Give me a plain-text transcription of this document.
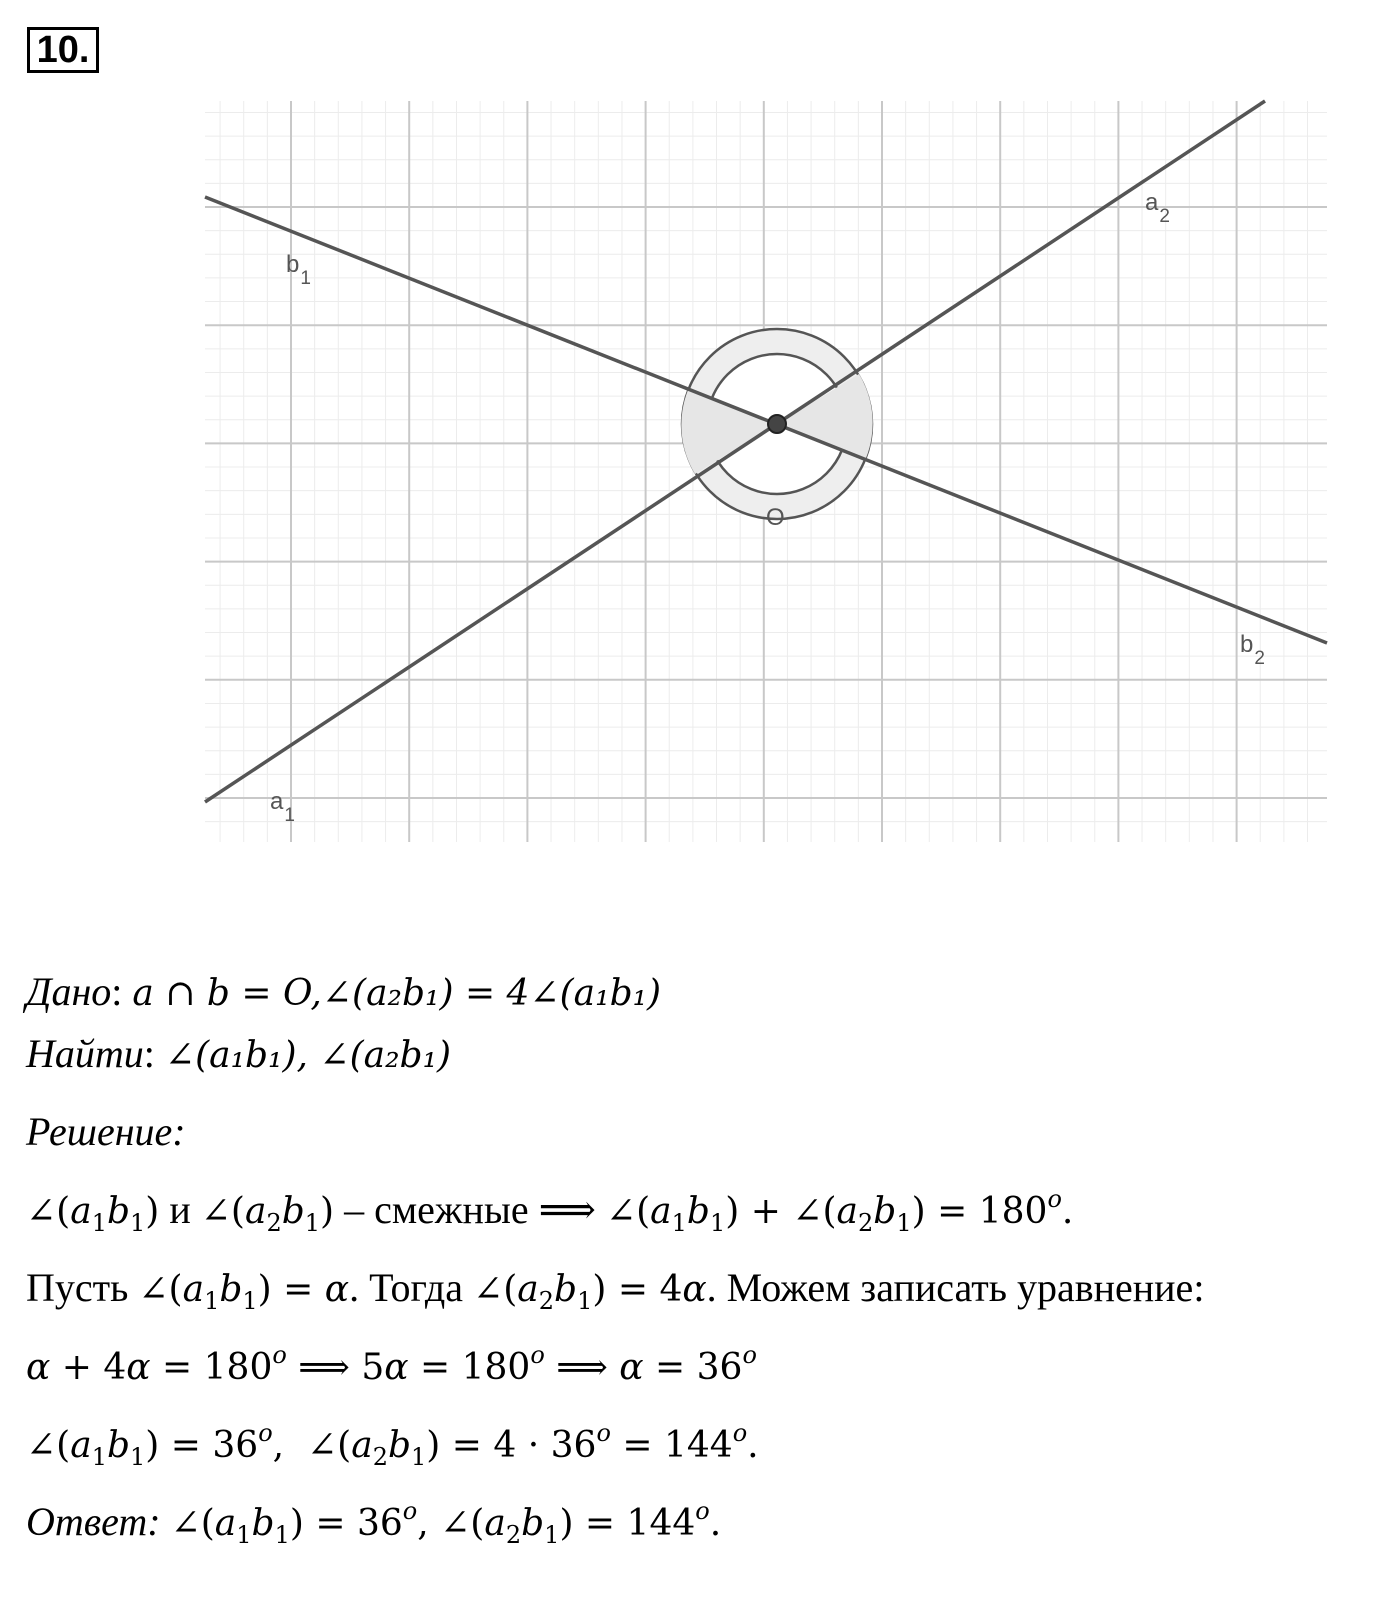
10.
$b_1$
$a_2$
$b_2$
$a_1$
O
Дано: a ∩ b = O,∠(a₂b₁) = 4∠(a₁b₁)
Найти: ∠(a₁b₁), ∠(a₂b₁)
Решение:
$\angle(a_1b_1)$ и $\angle(a_2b_1)$ – смежные ⟹ $\angle(a_1b_1)$ + $\angle(a_2b_1) = 180^o$.
Пусть $\angle(a_1b_1) = \alpha$. Тогда $\angle(a_2b_1) = 4\alpha$. Можем записать уравнение:
$\alpha + 4\alpha = 180^o$ ⟹ $5\alpha = 180^o$ ⟹ $\alpha = 36^o$
$\angle(a_1b_1) = 36^o$,  $\angle(a_2b_1) = 4 \cdot 36^o = 144^o$.
Ответ: $\angle(a_1b_1) = 36^o$, $\angle(a_2b_1) = 144^o$.
